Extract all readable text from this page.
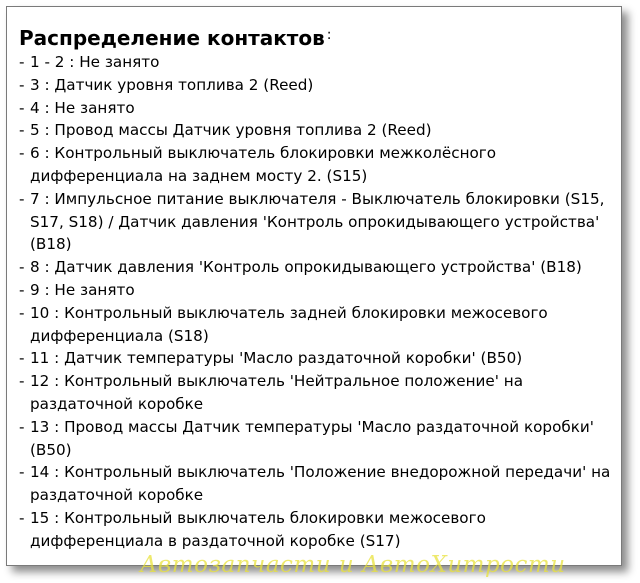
Распределение контактов :
- 1 - 2 : Не занято
- 3 : Датчик уровня топлива 2 (Reed)
- 4 : Не занято
- 5 : Провод массы Датчик уровня топлива 2 (Reed)
- 6 : Контрольный выключатель блокировки межколёсного дифференциала на заднем мосту 2. (S15)
- 7 : Импульсное питание выключателя - Выключатель блокировки (S15, S17, S18) / Датчик давления 'Контроль опрокидывающего устройства' (B18)
- 8 : Датчик давления 'Контроль опрокидывающего устройства' (B18)
- 9 : Не занято
- 10 : Контрольный выключатель задней блокировки межосевого дифференциала (S18)
- 11 : Датчик температуры 'Масло раздаточной коробки' (B50)
- 12 : Контрольный выключатель 'Нейтральное положение' на раздаточной коробке
- 13 : Провод массы Датчик температуры 'Масло раздаточной коробки' (B50)
- 14 : Контрольный выключатель 'Положение внедорожной передачи' на раздаточной коробке
- 15 : Контрольный выключатель блокировки межосевого дифференциала в раздаточной коробке (S17)
Автозапчасти и АвтоХитрости
